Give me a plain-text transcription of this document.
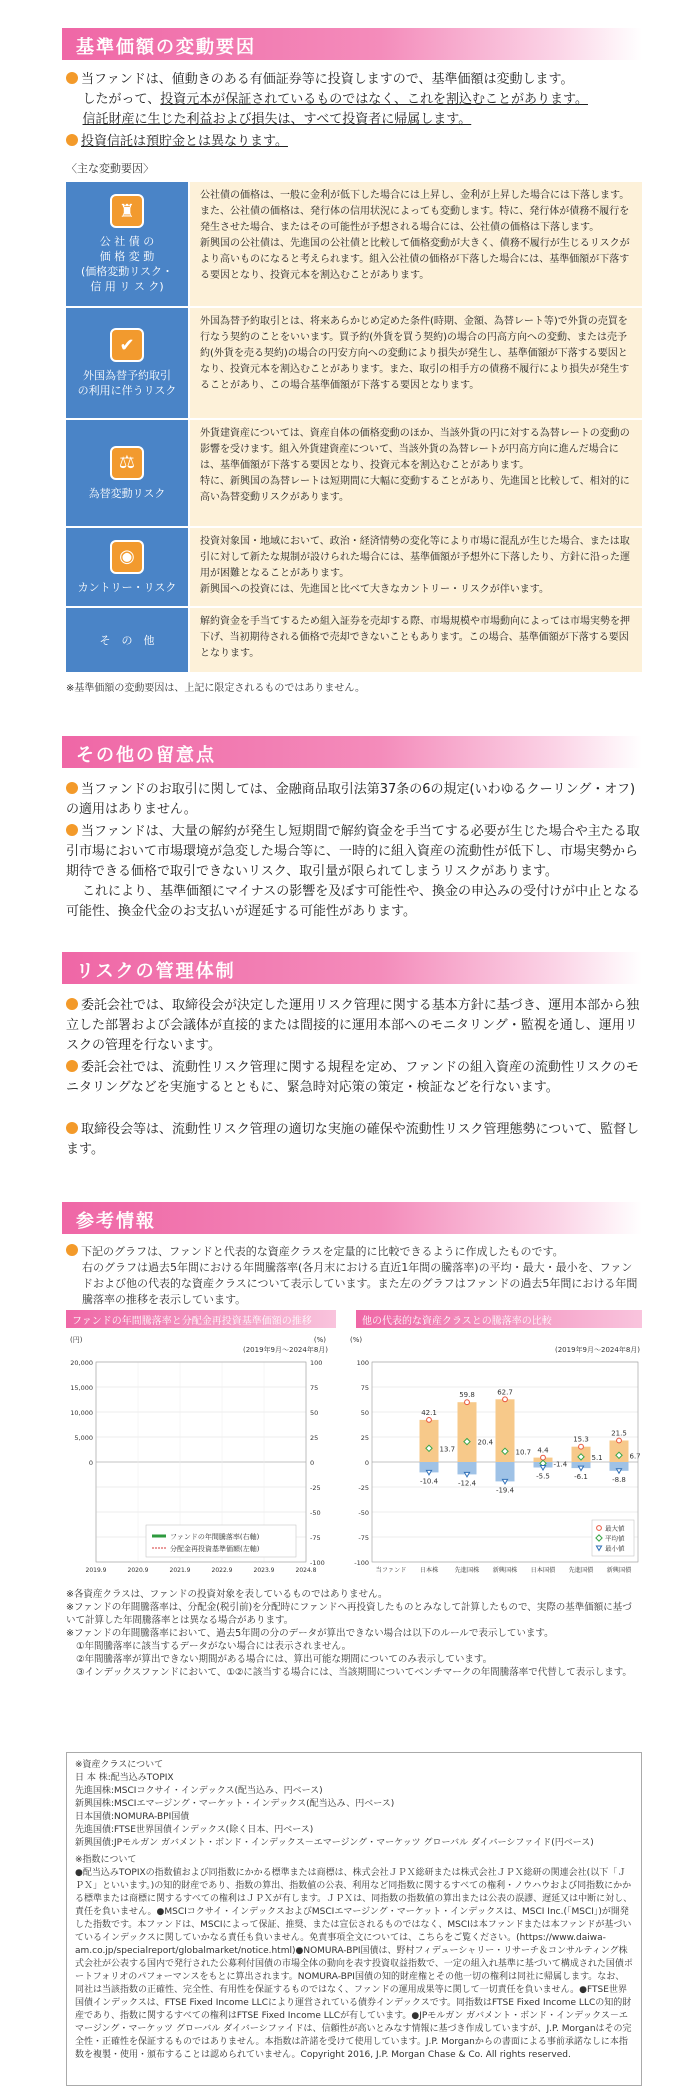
基準価額の変動要因
当ファンドは、値動きのある有価証券等に投資しますので、基準価額は変動します。
したがって、投資元本が保証されているものではなく、これを割込むことがあります。
信託財産に生じた利益および損失は、すべて投資者に帰属します。
投資信託は預貯金とは異なります。
〈主な変動要因〉
♜
公 社 債 の
価 格 変 動
(価格変動リスク・
信 用 リ ス ク)
公社債の価格は、一般に金利が低下した場合には上昇し、金利が上昇した場合には下落します。また、公社債の価格は、発行体の信用状況によっても変動します。特に、発行体が債務不履行を発生させた場合、またはその可能性が予想される場合には、公社債の価格は下落します。
新興国の公社債は、先進国の公社債と比較して価格変動が大きく、債務不履行が生じるリスクがより高いものになると考えられます。組入公社債の価格が下落した場合には、基準価額が下落する要因となり、投資元本を割込むことがあります。
✔
外国為替予約取引
の利用に伴うリスク
外国為替予約取引とは、将来あらかじめ定めた条件(時期、金額、為替レート等)で外貨の売買を行なう契約のことをいいます。買予約(外貨を買う契約)の場合の円高方向への変動、または売予約(外貨を売る契約)の場合の円安方向への変動により損失が発生し、基準価額が下落する要因となり、投資元本を割込むことがあります。また、取引の相手方の債務不履行により損失が発生することがあり、この場合基準価額が下落する要因となります。
⚖
為替変動リスク
外貨建資産については、資産自体の価格変動のほか、当該外貨の円に対する為替レートの変動の影響を受けます。組入外貨建資産について、当該外貨の為替レートが円高方向に進んだ場合には、基準価額が下落する要因となり、投資元本を割込むことがあります。
特に、新興国の為替レートは短期間に大幅に変動することがあり、先進国と比較して、相対的に高い為替変動リスクがあります。
◉
カントリー・リスク
投資対象国・地域において、政治・経済情勢の変化等により市場に混乱が生じた場合、または取引に対して新たな規制が設けられた場合には、基準価額が予想外に下落したり、方針に沿った運用が困難となることがあります。
新興国への投資には、先進国と比べて大きなカントリー・リスクが伴います。
そ　の　他
解約資金を手当てするため組入証券を売却する際、市場規模や市場動向によっては市場実勢を押下げ、当初期待される価格で売却できないこともあります。この場合、基準価額が下落する要因となります。
※基準価額の変動要因は、上記に限定されるものではありません。
その他の留意点
当ファンドのお取引に関しては、金融商品取引法第37条の6の規定(いわゆるクーリング・オフ)の適用はありません。
当ファンドは、大量の解約が発生し短期間で解約資金を手当てする必要が生じた場合や主たる取引市場において市場環境が急変した場合等に、一時的に組入資産の流動性が低下し、市場実勢から期待できる価格で取引できないリスク、取引量が限られてしまうリスクがあります。
これにより、基準価額にマイナスの影響を及ぼす可能性や、換金の申込みの受付けが中止となる可能性、換金代金のお支払いが遅延する可能性があります。
リスクの管理体制
委託会社では、取締役会が決定した運用リスク管理に関する基本方針に基づき、運用本部から独立した部署および会議体が直接的または間接的に運用本部へのモニタリング・監視を通し、運用リスクの管理を行ないます。
委託会社では、流動性リスク管理に関する規程を定め、ファンドの組入資産の流動性リスクのモニタリングなどを実施するとともに、緊急時対応策の策定・検証などを行ないます。
取締役会等は、流動性リスク管理の適切な実施の確保や流動性リスク管理態勢について、監督します。
参考情報
下記のグラフは、ファンドと代表的な資産クラスを定量的に比較できるように作成したものです。

右のグラフは過去5年間における年間騰落率(各月末における直近1年間の騰落率)の平均・最大・最小を、ファンドおよび他の代表的な資産クラスについて表示しています。また左のグラフはファンドの過去5年間における年間騰落率の推移を表示しています。
ファンドの年間騰落率と分配金再投資基準価額の推移
(円)	(%)
(2019年9月〜2024年8月)
100
75
50
25
0
-25
-50
-75
-100
20,000
15,000
10,000
5,000
0
2019.9	2020.9	2021.9	2022.9	2023.9	2024.8
ファンドの年間騰落率(右軸)
分配金再投資基準価額(左軸)
他の代表的な資産クラスとの騰落率の比較
(%)
(2019年9月〜2024年8月)
100
75
50
25
0
-25
-50
-75
-100
当ファンド 日本株
42.1
13.7
-10.4
先進国株
59.8
20.4
-12.4
新興国株
62.7
10.7
-19.4
日本国債
4.4
-1.4
-5.5
先進国債
15.3
5.1
-6.1
新興国債
21.5
6.7
-8.8
最大値
平均値
最小値
※各資産クラスは、ファンドの投資対象を表しているものではありません。
※ファンドの年間騰落率は、分配金(税引前)を分配時にファンドへ再投資したものとみなして計算したもので、実際の基準価額に基づいて計算した年間騰落率とは異なる場合があります。
※ファンドの年間騰落率において、過去5年間の分のデータが算出できない場合は以下のルールで表示しています。
①年間騰落率に該当するデータがない場合には表示されません。
②年間騰落率が算出できない期間がある場合には、算出可能な期間についてのみ表示しています。
③インデックスファンドにおいて、①②に該当する場合には、当該期間についてベンチマークの年間騰落率で代替して表示します。
※資産クラスについて
日 本 株:配当込みTOPIX
先進国株:MSCIコクサイ・インデックス(配当込み、円ベース)
新興国株:MSCIエマージング・マーケット・インデックス(配当込み、円ベース)
日本国債:NOMURA-BPI国債
先進国債:FTSE世界国債インデックス(除く日本、円ベース)
新興国債:JPモルガン ガバメント・ボンド・インデックス－エマージング・マーケッツ グローバル ダイバーシファイド(円ベース)
※指数について
●配当込みTOPIXの指数値および同指数にかかる標準または商標は、株式会社ＪＰＸ総研または株式会社ＪＰＸ総研の関連会社(以下「ＪＰＸ」といいます。)の知的財産であり、指数の算出、指数値の公表、利用など同指数に関するすべての権利・ノウハウおよび同指数にかかる標準または商標に関するすべての権利はＪＰＸが有します。ＪＰＸは、同指数の指数値の算出または公表の誤謬、遅延又は中断に対し、責任を負いません。●MSCIコクサイ・インデックスおよびMSCIエマージング・マーケット・インデックスは、MSCI Inc.(「MSCI」)が開発した指数です。本ファンドは、MSCIによって保証、推奨、または宣伝されるものではなく、MSCIは本ファンドまたは本ファンドが基づいているインデックスに関していかなる責任も負いません。免責事項全文については、こちらをご覧ください。(https://www.daiwa-am.co.jp/specialreport/globalmarket/notice.html)●NOMURA-BPI国債は、野村フィデューシャリー・リサーチ＆コンサルティング株式会社が公表する国内で発行された公募利付国債の市場全体の動向を表す投資収益指数で、一定の組入れ基準に基づいて構成された国債ポートフォリオのパフォーマンスをもとに算出されます。NOMURA-BPI国債の知的財産権とその他一切の権利は同社に帰属します。なお、同社は当該指数の正確性、完全性、有用性を保証するものではなく、ファンドの運用成果等に関して一切責任を負いません。●FTSE世界国債インデックスは、FTSE Fixed Income LLCにより運営されている債券インデックスです。同指数はFTSE Fixed Income LLCの知的財産であり、指数に関するすべての権利はFTSE Fixed Income LLCが有しています。●JPモルガン ガバメント・ボンド・インデックス－エマージング・マーケッツ グローバル ダイバーシファイドは、信頼性が高いとみなす情報に基づき作成していますが、J.P. Morganはその完全性・正確性を保証するものではありません。本指数は許諾を受けて使用しています。J.P. Morganからの書面による事前承諾なしに本指数を複製・使用・頒布することは認められていません。Copyright 2016, J.P. Morgan Chase & Co. All rights reserved.
